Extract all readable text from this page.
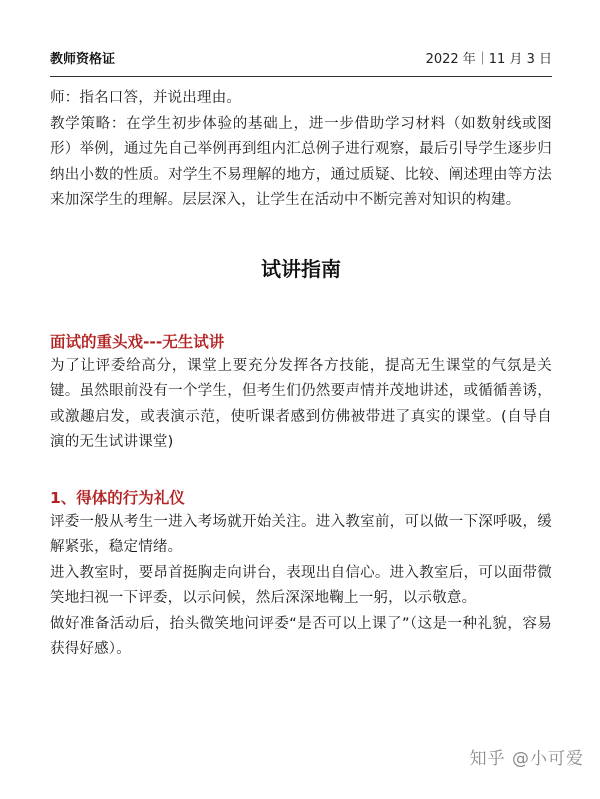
教师资格证	2022 年｜11 月 3 日

师：指名口答，并说出理由。

教学策略：在学生初步体验的基础上，进一步借助学习材料（如数射线或图形）举例，通过先自己举例再到组内汇总例子进行观察，最后引导学生逐步归纳出小数的性质。对学生不易理解的地方，通过质疑、比较、阐述理由等方法来加深学生的理解。层层深入，让学生在活动中不断完善对知识的构建。

试讲指南
面试的重头戏---无生试讲

为了让评委给高分，课堂上要充分发挥各方技能，提高无生课堂的气氛是关键。虽然眼前没有一个学生，但考生们仍然要声情并茂地讲述，或循循善诱，或激趣启发，或表演示范，使听课者感到仿佛被带进了真实的课堂。(自导自演的无生试讲课堂)

1、得体的行为礼仪

评委一般从考生一进入考场就开始关注。进入教室前，可以做一下深呼吸，缓解紧张，稳定情绪。

进入教室时，要昂首挺胸走向讲台，表现出自信心。进入教室后，可以面带微笑地扫视一下评委，以示问候，然后深深地鞠上一躬，以示敬意。

做好准备活动后，抬头微笑地问评委“是否可以上课了”（这是一种礼貌，容易获得好感）。

知乎 @小可爱
